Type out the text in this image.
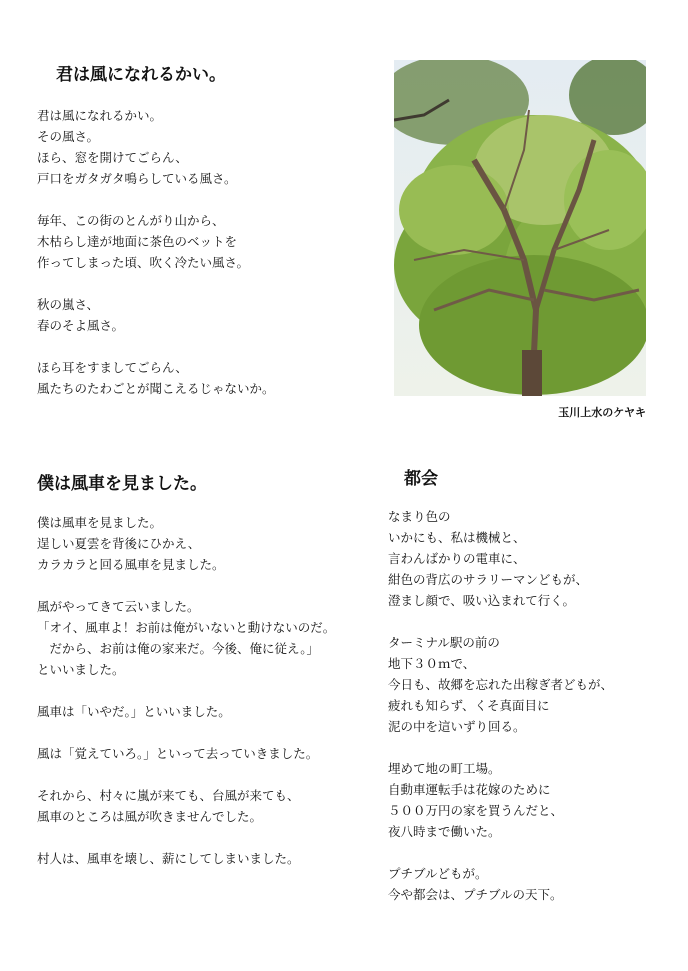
君は風になれるかい。
君は風になれるかい。
その風さ。
ほら、窓を開けてごらん、
戸口をガタガタ鳴らしている風さ。
毎年、この街のとんがり山から、
木枯らし達が地面に茶色のベットを
作ってしまった頃、吹く冷たい風さ。
秋の嵐さ、
春のそよ風さ。
ほら耳をすましてごらん、
風たちのたわごとが聞こえるじゃないか。
玉川上水のケヤキ
僕は風車を見ました。
僕は風車を見ました。
逞しい夏雲を背後にひかえ、
カラカラと回る風車を見ました。
風がやってきて云いました。
「オイ、風車よ！お前は俺がいないと動けないのだ。
　だから、お前は俺の家来だ。今後、俺に従え。」
といいました。
風車は「いやだ。」といいました。
風は「覚えていろ。」といって去っていきました。
それから、村々に嵐が来ても、台風が来ても、
風車のところは風が吹きませんでした。
村人は、風車を壊し、薪にしてしまいました。
都会
なまり色の
いかにも、私は機械と、
言わんばかりの電車に、
紺色の背広のサラリーマンどもが、
澄まし顔で、吸い込まれて行く。
ターミナル駅の前の
地下３０ｍで、
今日も、故郷を忘れた出稼ぎ者どもが、
疲れも知らず、くそ真面目に
泥の中を這いずり回る。
埋めて地の町工場。
自動車運転手は花嫁のために
５００万円の家を買うんだと、
夜八時まで働いた。
プチブルどもが。
今や都会は、プチブルの天下。
